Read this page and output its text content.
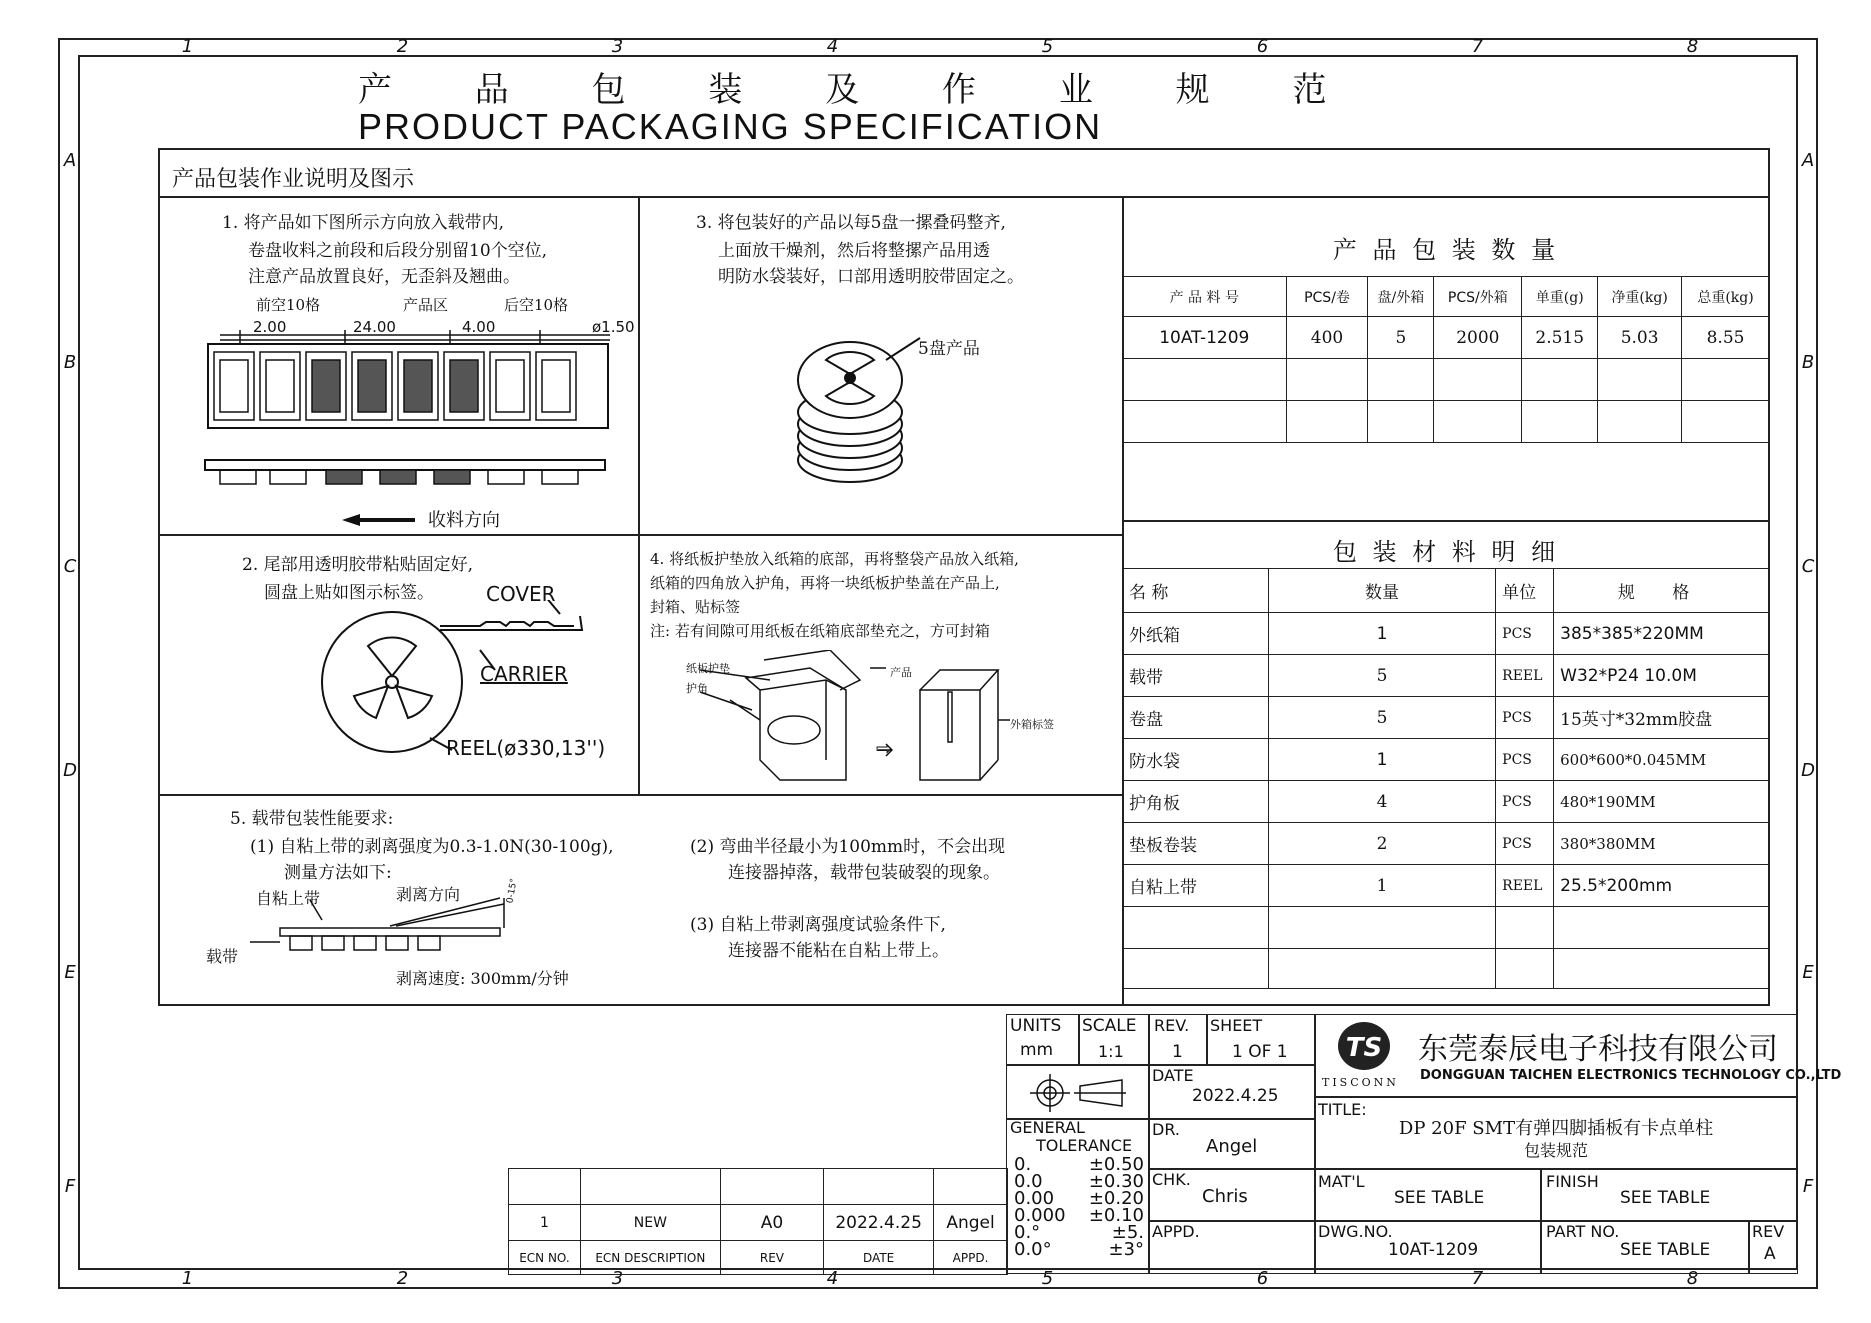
1	2	3	4	5	6	7	8
1	2	3	4	5	6	7	8
A
B
C
D
E
F
A
B
C
D
E
F
产 品 包 装 及 作 业 规 范
PRODUCT PACKAGING SPECIFICATION
产品包装作业说明及图示
1. 将产品如下图所示方向放入载带内,
卷盘收料之前段和后段分别留10个空位,
注意产品放置良好，无歪斜及翘曲。
前空10格	产品区	后空10格
2.00	24.00	4.00	ø1.50
收料方向
3. 将包装好的产品以每5盘一摞叠码整齐,
上面放干燥剂，然后将整摞产品用透
明防水袋装好，口部用透明胶带固定之。
5盘产品
2. 尾部用透明胶带粘贴固定好,
圆盘上贴如图示标签。	COVER
CARRIER
REEL(ø330,13'')
4. 将纸板护垫放入纸箱的底部，再将整袋产品放入纸箱,
纸箱的四角放入护角，再将一块纸板护垫盖在产品上,
封箱、贴标签
注: 若有间隙可用纸板在纸箱底部垫充之，方可封箱
纸板护垫
护角
产品
外箱标签
⇨
5. 载带包装性能要求:
(1) 自粘上带的剥离强度为0.3-1.0N(30-100g),
测量方法如下:
(2) 弯曲半径最小为100mm时，不会出现
连接器掉落，载带包装破裂的现象。
(3) 自粘上带剥离强度试验条件下,
连接器不能粘在自粘上带上。
自粘上带	剥离方向	0-15°
载带
剥离速度: 300mm/分钟
产 品 包 装 数 量
产 品 料 号	PCS/卷	盘/外箱	PCS/外箱	单重(g)	净重(kg)	总重(kg)
10AT-1209	400	5	2000	2.515	5.03	8.55

包 装 材 料 明 细
名 称	数量	单位	规 格
外纸箱	1	PCS	385*385*220MM
载带	5	REEL	W32*P24 10.0M
卷盘	5	PCS	15英寸*32mm胶盘
防水袋	1	PCS	600*600*0.045MM
护角板	4	PCS	480*190MM
垫板卷装	2	PCS	380*380MM
自粘上带	1	REEL	25.5*200mm

UNITS
mm
SCALE
1:1
GENERAL
TOLERANCE
0.	±0.50
0.0	±0.30
0.00 ±0.20
0.000 ±0.10
0.°	±5.
0.0°	±3°
REV.
1
SHEET
1 OF 1
DATE
2022.4.25
DR.
Angel
CHK.
Chris
APPD.
TS
TISCONN
东莞泰辰电子科技有限公司
DONGGUAN TAICHEN ELECTRONICS TECHNOLOGY CO.,LTD
TITLE:
DP 20F SMT有弹四脚插板有卡点单柱
包装规范
MAT'L
SEE TABLE
FINISH
SEE TABLE
DWG.NO.
10AT-1209
PART NO.
SEE TABLE
REV
A

1	NEW	A0	2022.4.25	Angel
ECN NO.	ECN DESCRIPTION	REV	DATE	APPD.
